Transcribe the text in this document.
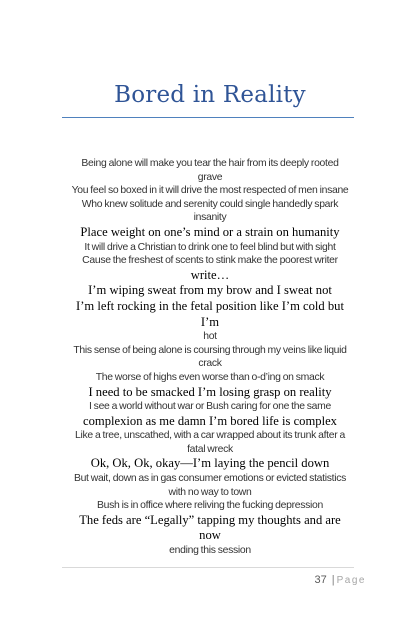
Bored in Reality
Being alone will make you tear the hair from its deeply rooted grave
You feel so boxed in it will drive the most respected of men insane
Who knew solitude and serenity could single handedly spark insanity
Place weight on one’s mind or a strain on humanity
It will drive a Christian to drink one to feel blind but with sight
Cause the freshest of scents to stink make the poorest writer
write…
I’m wiping sweat from my brow and I sweat not
I’m left rocking in the fetal position like I’m cold but I’m
hot
This sense of being alone is coursing through my veins like liquid crack
The worse of highs even worse than o-d’ing on smack
I need to be smacked I’m losing grasp on reality
I see a world without war or Bush caring for one the same
complexion as me damn I’m bored life is complex
Like a tree, unscathed, with a car wrapped about its trunk after a fatal wreck
Ok, Ok, Ok, okay—I’m laying the pencil down
But wait, down as in gas consumer emotions or evicted statistics with no way to town
Bush is in office where reliving the fucking depression
The feds are “Legally” tapping my thoughts and are now
ending this session
37 | Page
